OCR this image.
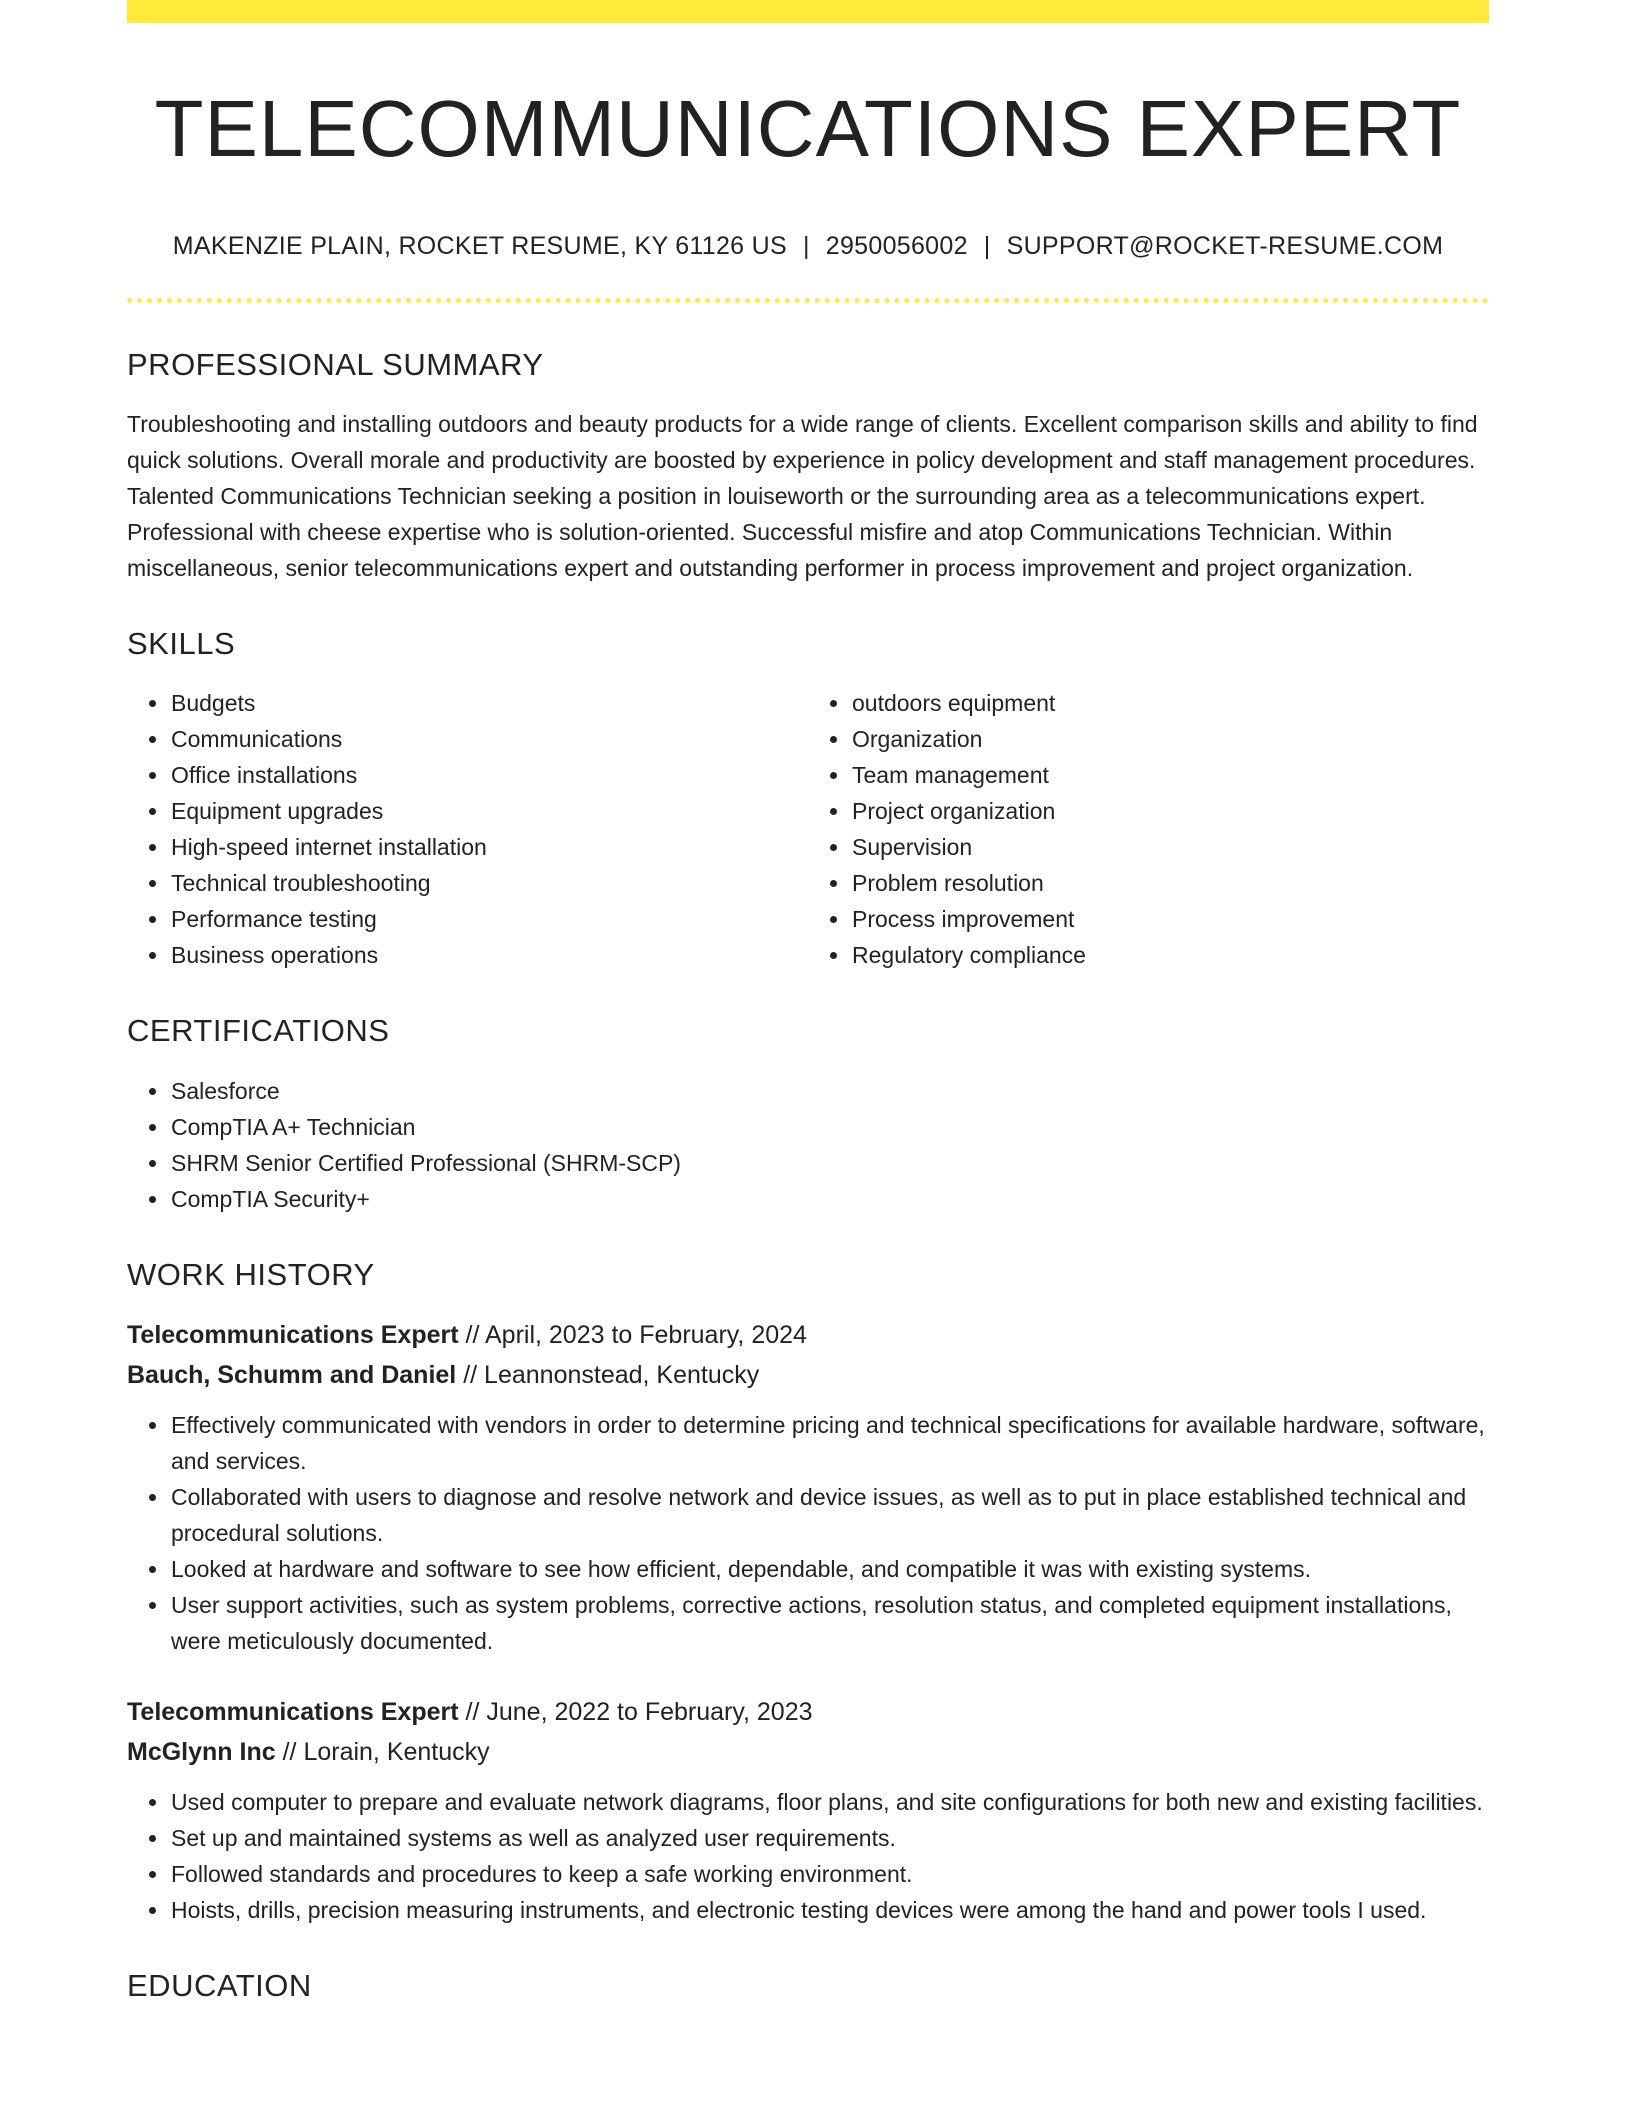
TELECOMMUNICATIONS EXPERT
MAKENZIE PLAIN, ROCKET RESUME, KY 61126 US | 2950056002 | SUPPORT@ROCKET-RESUME.COM
PROFESSIONAL SUMMARY

Troubleshooting and installing outdoors and beauty products for a wide range of clients. Excellent comparison skills and ability to find quick solutions. Overall morale and productivity are boosted by experience in policy development and staff management procedures. Talented Communications Technician seeking a position in louiseworth or the surrounding area as a telecommunications expert. Professional with cheese expertise who is solution-oriented. Successful misfire and atop Communications Technician. Within miscellaneous, senior telecommunications expert and outstanding performer in process improvement and project organization.

SKILLS
• Budgets
• Communications
• Office installations
• Equipment upgrades
• High-speed internet installation
• Technical troubleshooting
• Performance testing
• Business operations
• outdoors equipment
• Organization
• Team management
• Project organization
• Supervision
• Problem resolution
• Process improvement
• Regulatory compliance
CERTIFICATIONS
• Salesforce
• CompTIA A+ Technician
• SHRM Senior Certified Professional (SHRM-SCP)
• CompTIA Security+
WORK HISTORY
Telecommunications Expert // April, 2023 to February, 2024
Bauch, Schumm and Daniel // Leannonstead, Kentucky
• Effectively communicated with vendors in order to determine pricing and technical specifications for available hardware, software, and services.
• Collaborated with users to diagnose and resolve network and device issues, as well as to put in place established technical and procedural solutions.
• Looked at hardware and software to see how efficient, dependable, and compatible it was with existing systems.
• User support activities, such as system problems, corrective actions, resolution status, and completed equipment installations, were meticulously documented.
Telecommunications Expert // June, 2022 to February, 2023
McGlynn Inc // Lorain, Kentucky
• Used computer to prepare and evaluate network diagrams, floor plans, and site configurations for both new and existing facilities.
• Set up and maintained systems as well as analyzed user requirements.
• Followed standards and procedures to keep a safe working environment.
• Hoists, drills, precision measuring instruments, and electronic testing devices were among the hand and power tools I used.
EDUCATION
